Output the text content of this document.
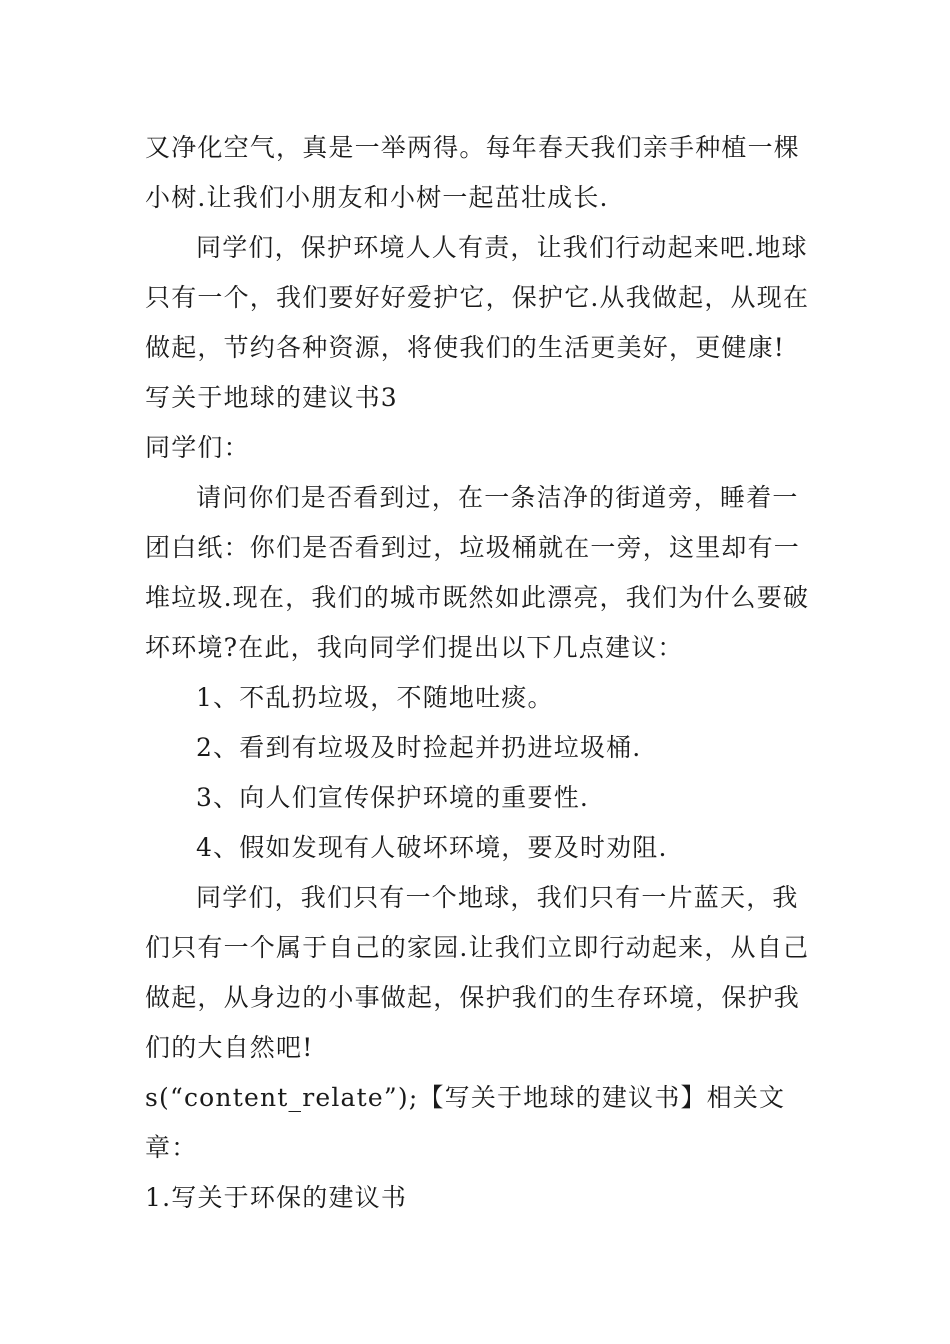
又净化空气，真是一举两得。每年春天我们亲手种植一棵
小树.让我们小朋友和小树一起茁壮成长.
同学们，保护环境人人有责，让我们行动起来吧.地球
只有一个，我们要好好爱护它，保护它.从我做起，从现在
做起，节约各种资源，将使我们的生活更美好，更健康!
写关于地球的建议书3
同学们：
请问你们是否看到过，在一条洁净的街道旁，睡着一
团白纸：你们是否看到过，垃圾桶就在一旁，这里却有一
堆垃圾.现在，我们的城市既然如此漂亮，我们为什么要破
坏环境?在此，我向同学们提出以下几点建议：
1、不乱扔垃圾，不随地吐痰。
2、看到有垃圾及时捡起并扔进垃圾桶.
3、向人们宣传保护环境的重要性.
4、假如发现有人破坏环境，要及时劝阻.
同学们，我们只有一个地球，我们只有一片蓝天，我
们只有一个属于自己的家园.让我们立即行动起来，从自己
做起，从身边的小事做起，保护我们的生存环境，保护我
们的大自然吧!
s(“content_relate”);【写关于地球的建议书】相关文
章：
1.写关于环保的建议书
